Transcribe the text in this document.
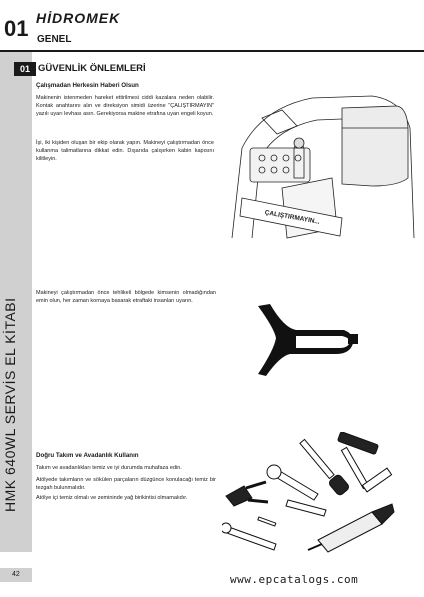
01 HİDROMEK
GENEL
HMK 640WL SERVİS EL KİTABI
01 GÜVENLİK ÖNLEMLERİ
Çalışmadan Herkesin Haberi Olsun
Makinenin istenmeden hareket ettirilmesi ciddi kazalara neden olabilir. Kontak anahtarını alın ve direksiyon simidi üzerine "ÇALIŞTIRMAYIN" yazılı uyarı levhası asın. Gerekiyorsa makine etrafına uyarı engeli koyun.
İşi, iki kişiden oluşan bir ekip olarak yapın. Makineyi çalıştırmadan önce kullanma talimatlarına dikkat edin. Dışarıda çalışırken kabin kapısını kilitleyin.
Makineyi çalıştırmadan önce tehlikeli bölgede kimsenin olmadığından emin olun, her zaman kornaya basarak etraftaki insanları uyarın.
Doğru Takım ve Avadanlık Kullanın
Takım ve avadanlıkları temiz ve iyi durumda muhafaza edin.
Atölyede takımların ve sökülen parçaların düzgünce konulacağı temiz bir tezgah bulunmalıdır.
Atölye içi temiz olmalı ve zemininde yağ birikintisi olmamalıdır.
ÇALIŞTIRMAYIN...
42	www.epcatalogs.com
